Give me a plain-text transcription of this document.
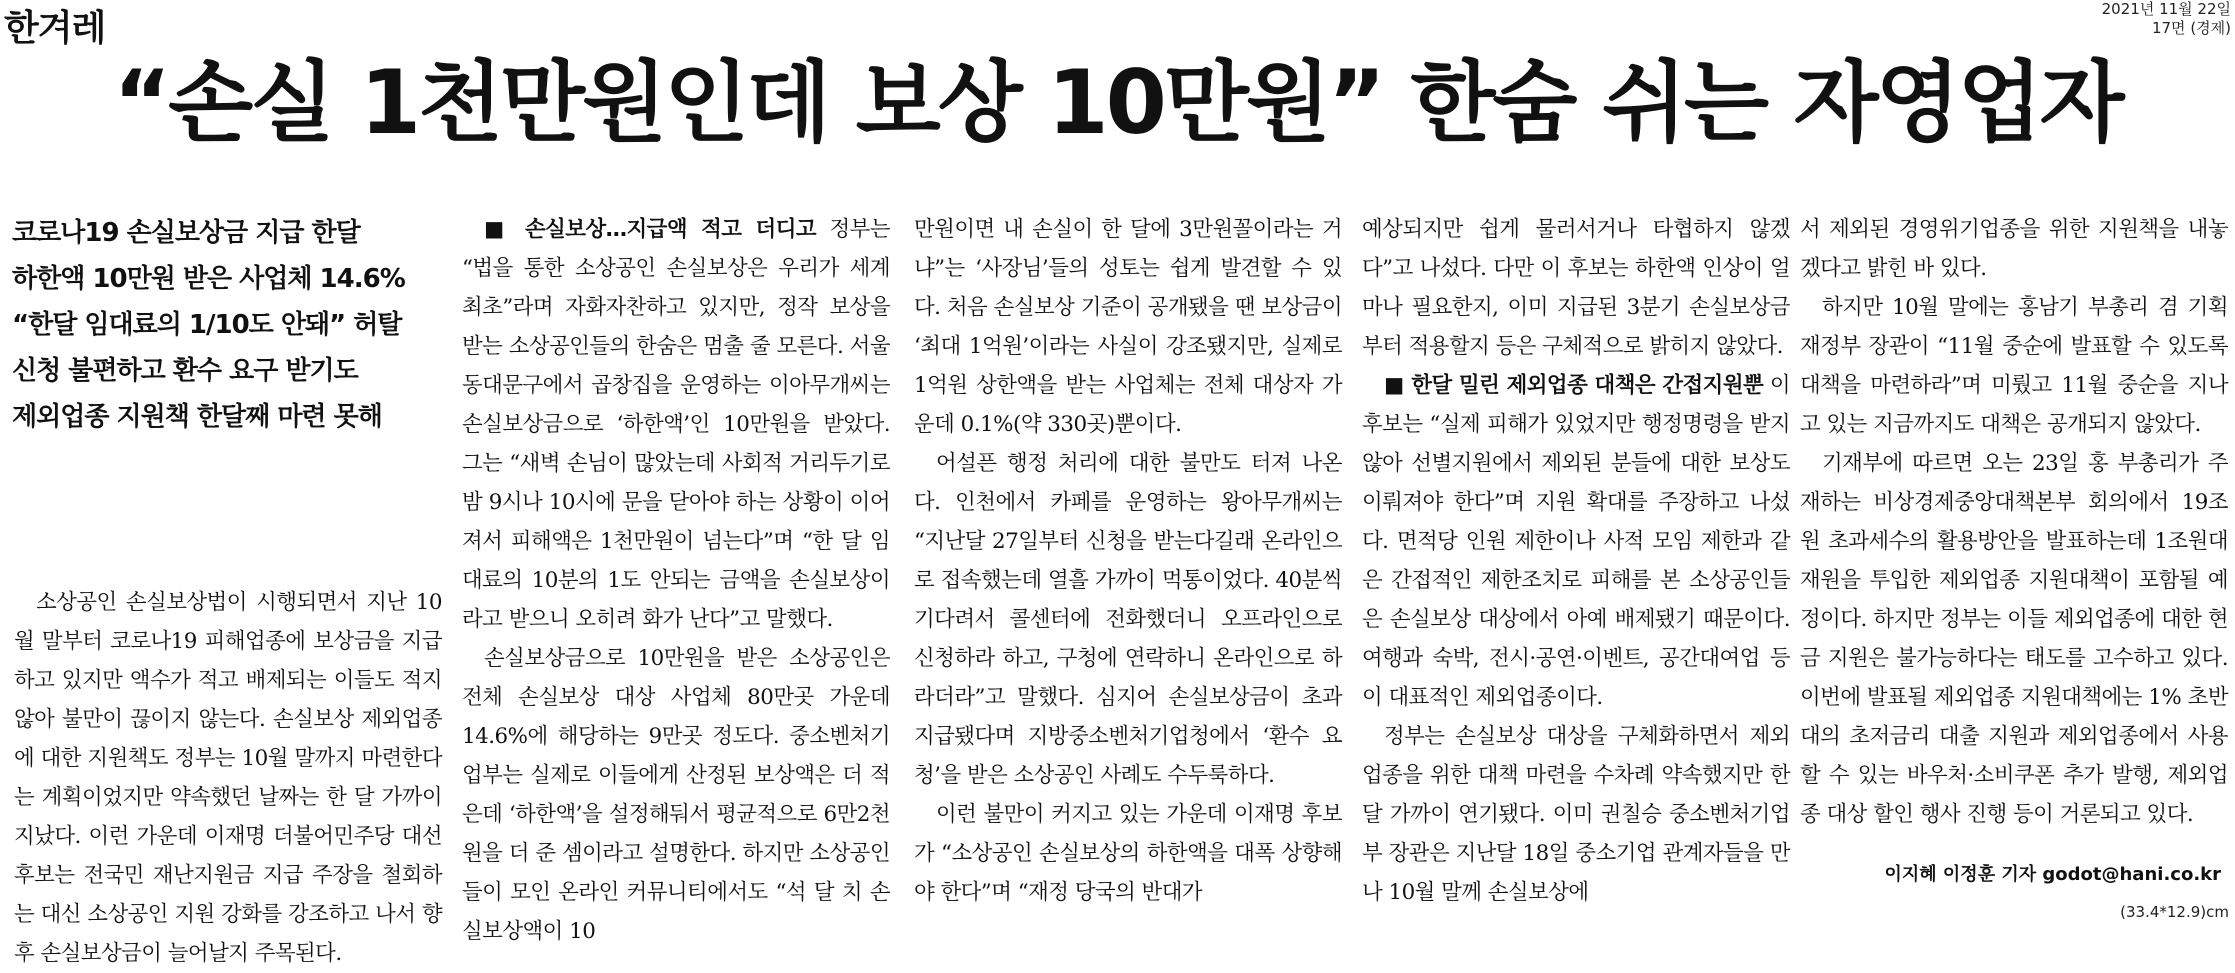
한겨레	2021년 11월 22일
17면 (경제)
“손실 1천만원인데 보상 10만원” 한숨 쉬는 자영업자
코로나19 손실보상금 지급 한달
하한액 10만원 받은 사업체 14.6%
“한달 임대료의 1/10도 안돼” 허탈
신청 불편하고 환수 요구 받기도
제외업종 지원책 한달째 마련 못해

소상공인 손실보상법이 시행되면서 지난 10월 말부터 코로나19 피해업종에 보상금을 지급하고 있지만 액수가 적고 배제되는 이들도 적지 않아 불만이 끊이지 않는다. 손실보상 제외업종에 대한 지원책도 정부는 10월 말까지 마련한다는 계획이었지만 약속했던 날짜는 한 달 가까이 지났다. 이런 가운데 이재명 더불어민주당 대선 후보는 전국민 재난지원금 지급 주장을 철회하는 대신 소상공인 지원 강화를 강조하고 나서 향후 손실보상금이 늘어날지 주목된다.

■ 손실보상…지급액 적고 더디고 정부는 “법을 통한 소상공인 손실보상은 우리가 세계 최초”라며 자화자찬하고 있지만, 정작 보상을 받는 소상공인들의 한숨은 멈출 줄 모른다. 서울 동대문구에서 곱창집을 운영하는 이아무개씨는 손실보상금으로 ‘하한액’인 10만원을 받았다. 그는 “새벽 손님이 많았는데 사회적 거리두기로 밤 9시나 10시에 문을 닫아야 하는 상황이 이어져서 피해액은 1천만원이 넘는다”며 “한 달 임대료의 10분의 1도 안되는 금액을 손실보상이라고 받으니 오히려 화가 난다”고 말했다.

손실보상금으로 10만원을 받은 소상공인은 전체 손실보상 대상 사업체 80만곳 가운데 14.6%에 해당하는 9만곳 정도다. 중소벤처기업부는 실제로 이들에게 산정된 보상액은 더 적은데 ‘하한액’을 설정해둬서 평균적으로 6만2천원을 더 준 셈이라고 설명한다. 하지만 소상공인들이 모인 온라인 커뮤니티에서도 “석 달 치 손실보상액이 10

만원이면 내 손실이 한 달에 3만원꼴이라는 거냐”는 ‘사장님’들의 성토는 쉽게 발견할 수 있다. 처음 손실보상 기준이 공개됐을 땐 보상금이 ‘최대 1억원’이라는 사실이 강조됐지만, 실제로 1억원 상한액을 받는 사업체는 전체 대상자 가운데 0.1%(약 330곳)뿐이다.

어설픈 행정 처리에 대한 불만도 터져 나온다. 인천에서 카페를 운영하는 왕아무개씨는 “지난달 27일부터 신청을 받는다길래 온라인으로 접속했는데 열흘 가까이 먹통이었다. 40분씩 기다려서 콜센터에 전화했더니 오프라인으로 신청하라 하고, 구청에 연락하니 온라인으로 하라더라”고 말했다. 심지어 손실보상금이 초과 지급됐다며 지방중소벤처기업청에서 ‘환수 요청’을 받은 소상공인 사례도 수두룩하다.

이런 불만이 커지고 있는 가운데 이재명 후보가 “소상공인 손실보상의 하한액을 대폭 상향해야 한다”며 “재정 당국의 반대가

예상되지만 쉽게 물러서거나 타협하지 않겠다”고 나섰다. 다만 이 후보는 하한액 인상이 얼마나 필요한지, 이미 지급된 3분기 손실보상금부터 적용할지 등은 구체적으로 밝히지 않았다.

■ 한달 밀린 제외업종 대책은 간접지원뿐 이 후보는 “실제 피해가 있었지만 행정명령을 받지 않아 선별지원에서 제외된 분들에 대한 보상도 이뤄져야 한다”며 지원 확대를 주장하고 나섰다. 면적당 인원 제한이나 사적 모임 제한과 같은 간접적인 제한조치로 피해를 본 소상공인들은 손실보상 대상에서 아예 배제됐기 때문이다. 여행과 숙박, 전시·공연·이벤트, 공간대여업 등이 대표적인 제외업종이다.

정부는 손실보상 대상을 구체화하면서 제외업종을 위한 대책 마련을 수차례 약속했지만 한 달 가까이 연기됐다. 이미 권칠승 중소벤처기업부 장관은 지난달 18일 중소기업 관계자들을 만나 10월 말께 손실보상에

서 제외된 경영위기업종을 위한 지원책을 내놓겠다고 밝힌 바 있다.

하지만 10월 말에는 홍남기 부총리 겸 기획재정부 장관이 “11월 중순에 발표할 수 있도록 대책을 마련하라”며 미뤘고 11월 중순을 지나고 있는 지금까지도 대책은 공개되지 않았다.

기재부에 따르면 오는 23일 홍 부총리가 주재하는 비상경제중앙대책본부 회의에서 19조원 초과세수의 활용방안을 발표하는데 1조원대 재원을 투입한 제외업종 지원대책이 포함될 예정이다. 하지만 정부는 이들 제외업종에 대한 현금 지원은 불가능하다는 태도를 고수하고 있다. 이번에 발표될 제외업종 지원대책에는 1% 초반대의 초저금리 대출 지원과 제외업종에서 사용할 수 있는 바우처·소비쿠폰 추가 발행, 제외업종 대상 할인 행사 진행 등이 거론되고 있다.

이지혜 이정훈 기자 godot@hani.co.kr
(33.4*12.9)cm
